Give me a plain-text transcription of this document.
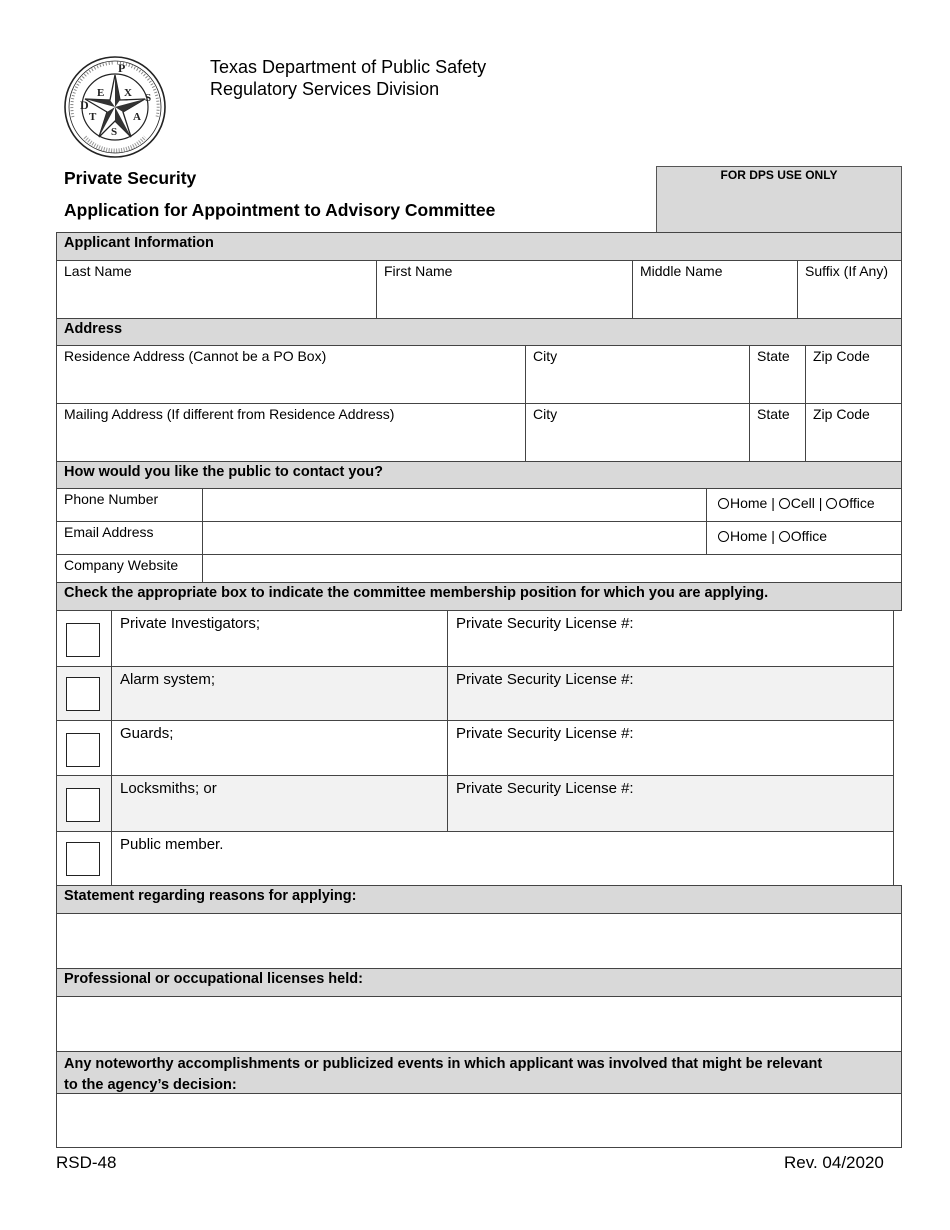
D
P
S
E X
T	A
S
Texas Department of Public Safety
Regulatory Services Division
Private Security
Application for Appointment to Advisory Committee
FOR DPS USE ONLY
Applicant Information
Last Name	First Name	Middle Name	Suffix (If Any)
Address
Residence Address (Cannot be a PO Box)	City	State	Zip Code
Mailing Address (If different from Residence Address)	City	State	Zip Code
How would you like the public to contact you?
Phone Number	Home | Cell | Office
Email Address	Home | Office
Company Website
Check the appropriate box to indicate the committee membership position for which you are applying.
Private Investigators;	Private Security License #:
Alarm system;	Private Security License #:
Guards;	Private Security License #:
Locksmiths; or	Private Security License #:
Public member.
Statement regarding reasons for applying:
Professional or occupational licenses held:
Any noteworthy accomplishments or publicized events in which applicant was involved that might be relevant
to the agency’s decision:
RSD-48	Rev. 04/2020
